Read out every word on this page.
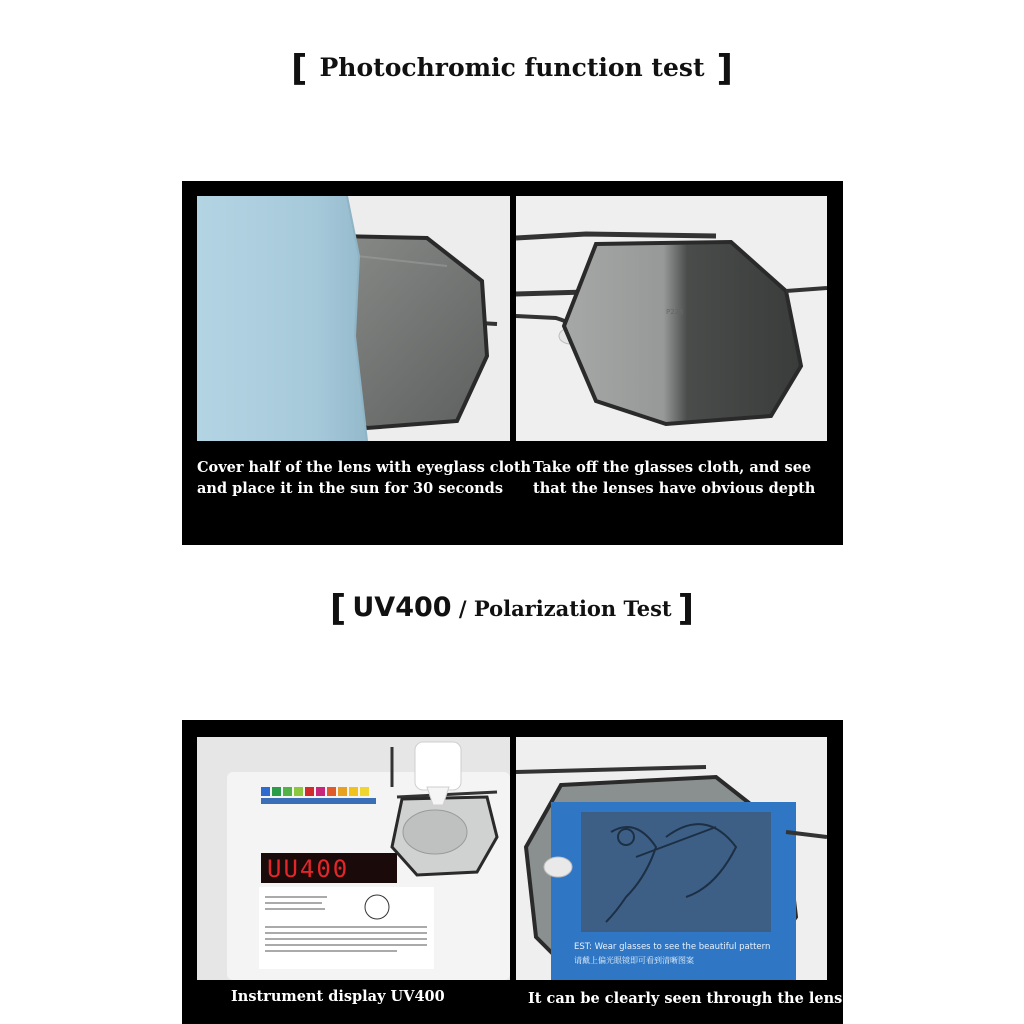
[ Photochromic function test ]
P226
Cover half of the lens with eyeglass cloth
and place it in the sun for 30 seconds
Take off the glasses cloth, and see
that the lenses have obvious depth
[ UV400 / Polarization Test ]
UU400
EST: Wear glasses to see the beautiful pattern
请戴上偏光眼镜即可看到清晰图案
Instrument display UV400	It can be clearly seen through the lens
